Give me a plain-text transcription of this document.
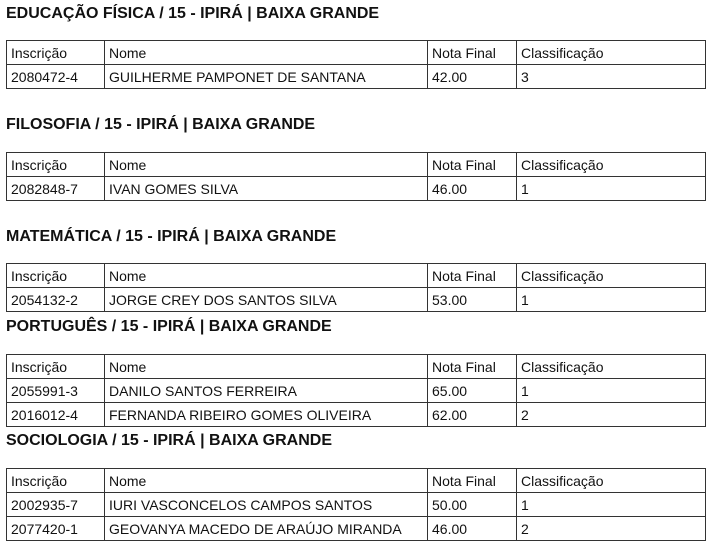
EDUCAÇÃO FÍSICA / 15 - IPIRÁ | BAIXA GRANDE
Inscrição	Nome	Nota Final	Classificação
2080472-4	GUILHERME PAMPONET DE SANTANA	42.00	3
FILOSOFIA / 15 - IPIRÁ | BAIXA GRANDE
Inscrição	Nome	Nota Final	Classificação
2082848-7	IVAN GOMES SILVA	46.00	1
MATEMÁTICA / 15 - IPIRÁ | BAIXA GRANDE
Inscrição	Nome	Nota Final	Classificação
2054132-2	JORGE CREY DOS SANTOS SILVA	53.00	1
PORTUGUÊS / 15 - IPIRÁ | BAIXA GRANDE
Inscrição	Nome	Nota Final	Classificação
2055991-3	DANILO SANTOS FERREIRA	65.00	1
2016012-4	FERNANDA RIBEIRO GOMES OLIVEIRA	62.00	2
SOCIOLOGIA / 15 - IPIRÁ | BAIXA GRANDE
Inscrição	Nome	Nota Final	Classificação
2002935-7	IURI VASCONCELOS CAMPOS SANTOS	50.00	1
2077420-1	GEOVANYA MACEDO DE ARAÚJO MIRANDA	46.00	2
